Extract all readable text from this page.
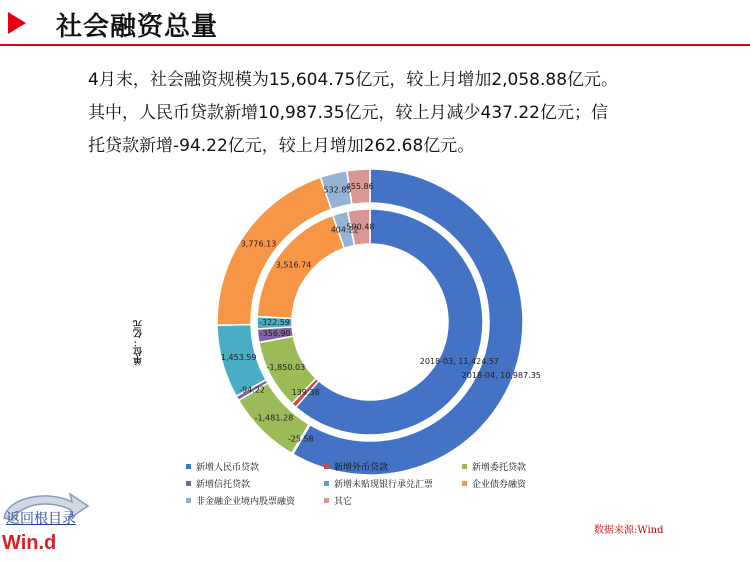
社会融资总量

4月末，社会融资规模为15,604.75亿元，较上月增加2,058.88亿元。

其中，人民币贷款新增10,987.35亿元，较上月减少437.22亿元；信

托贷款新增-94.22亿元，较上月增加262.68亿元。

2018-04, 10,987.35
2018-03, 11,424.57
-25.58
-1,481.28
-94.22
1,453.59
3,776.13
532.85
455.86
139.38
-1,850.03
-356.90
-322.59
3,516.74
404.22
590.48
单位：亿元
新增人民币贷款	新增外币贷款	新增委托贷款
新增信托贷款	新增未贴现银行承兑汇票	企业债券融资
非金融企业境内股票融资	其它
数据来源:Wind
返回根目录
Win.d
